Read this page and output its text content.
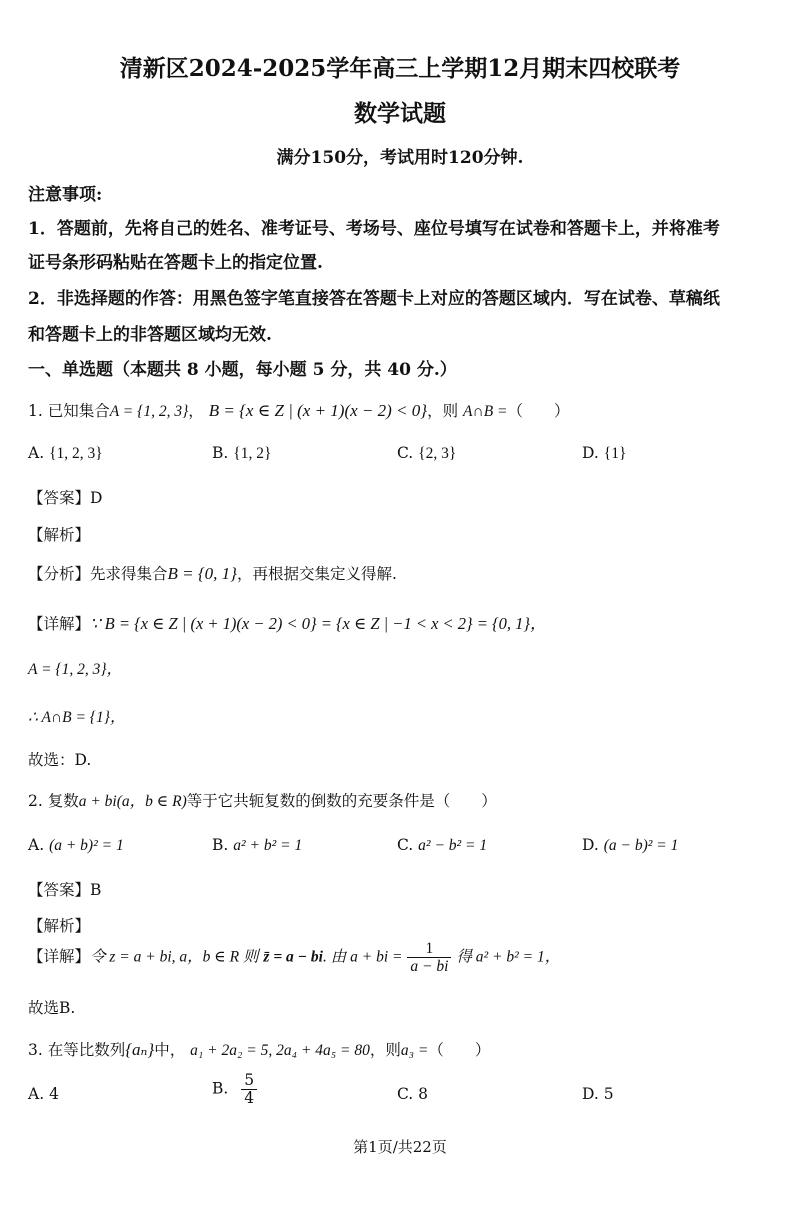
清新区2024-2025学年高三上学期12月期末四校联考
数学试题
满分150分，考试用时120分钟.
注意事项:
1．答题前，先将自己的姓名、准考证号、考场号、座位号填写在试卷和答题卡上，并将准考
证号条形码粘贴在答题卡上的指定位置.
2．非选择题的作答：用黑色签字笔直接答在答题卡上对应的答题区域内．写在试卷、草稿纸
和答题卡上的非答题区域均无效.
一、单选题（本题共 8 小题，每小题 5 分，共 40 分.）
1. 已知集合A = {1, 2, 3}， B = {x ∈ Z | (x + 1)(x − 2) < 0}，则 A∩B =（　　）
A. {1, 2, 3}	B. {1, 2}	C. {2, 3}	D. {1}
【答案】D
【解析】
【分析】先求得集合B = {0, 1}，再根据交集定义得解.
【详解】∵ B = {x ∈ Z | (x + 1)(x − 2) < 0} = {x ∈ Z | −1 < x < 2} = {0, 1}，
A = {1, 2, 3}，
∴ A∩B = {1}，
故选：D.
2. 复数a + bi(a，b ∈ R)等于它共轭复数的倒数的充要条件是（　　）
A. (a + b)² = 1	B. a² + b² = 1	C. a² − b² = 1	D. (a − b)² = 1
【答案】B
【解析】
【详解】令 z = a + bi, a，b ∈ R 则 z̄ = a − bi. 由 a + bi = $\frac{1}{a - bi}$ 得 a² + b² = 1，
故选B.
3. 在等比数列{aₙ}中， a₁ + 2a₂ = 5, 2a₄ + 4a₅ = 80，则a₃ =（　　）
A. 4	B. $\frac{5}{4}$	C. 8	D. 5
第1页/共22页
